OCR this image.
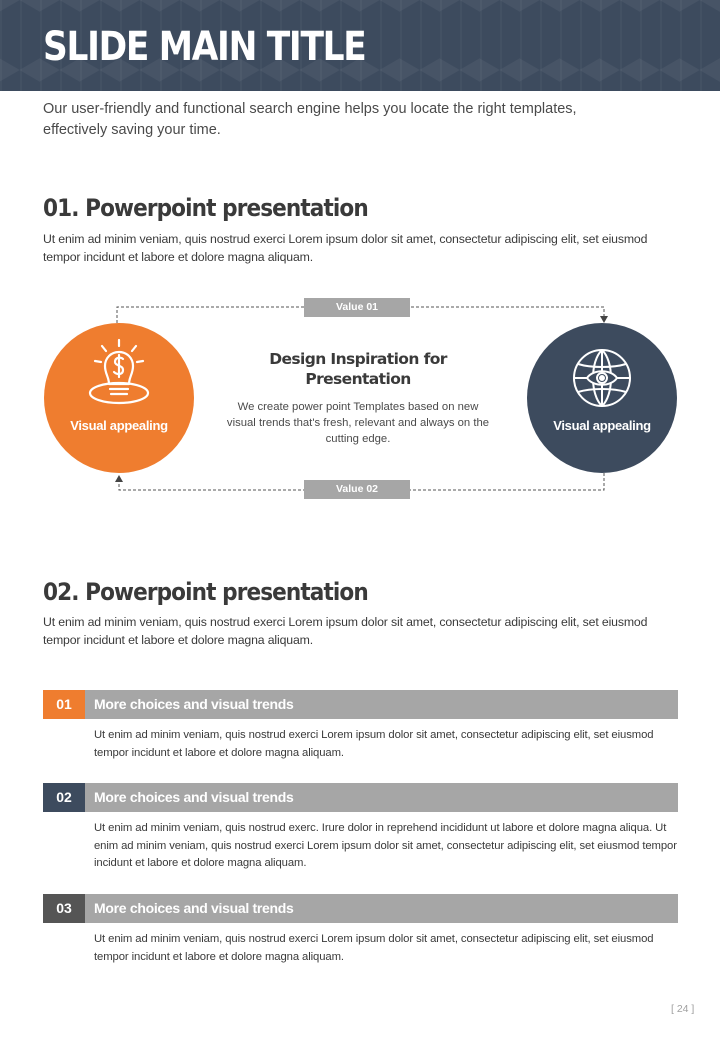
SLIDE MAIN TITLE
Our user-friendly and functional search engine helps you locate the right templates, effectively saving your time.
01. Powerpoint presentation
Ut enim ad minim veniam, quis nostrud exerci Lorem ipsum dolor sit amet, consectetur adipiscing elit, set eiusmod tempor incidunt et labore et dolore magna aliquam.
Value 01
Value 02
Visual appealing	Visual appealing
Design Inspiration for Presentation
We create power point Templates based on new visual trends that's fresh, relevant and always on the cutting edge.
02. Powerpoint presentation
Ut enim ad minim veniam, quis nostrud exerci Lorem ipsum dolor sit amet, consectetur adipiscing elit, set eiusmod tempor incidunt et labore et dolore magna aliquam.
01	More choices and visual trends
Ut enim ad minim veniam, quis nostrud exerci Lorem ipsum dolor sit amet, consectetur adipiscing elit, set eiusmod tempor incidunt et labore et dolore magna aliquam.
02	More choices and visual trends
Ut enim ad minim veniam, quis nostrud exerc. Irure dolor in reprehend incididunt ut labore et dolore magna aliqua. Ut enim ad minim veniam, quis nostrud exerci Lorem ipsum dolor sit amet, consectetur adipiscing elit, set eiusmod tempor incidunt et labore et dolore magna aliquam.
03	More choices and visual trends
Ut enim ad minim veniam, quis nostrud exerci Lorem ipsum dolor sit amet, consectetur adipiscing elit, set eiusmod tempor incidunt et labore et dolore magna aliquam.
[ 24 ]
